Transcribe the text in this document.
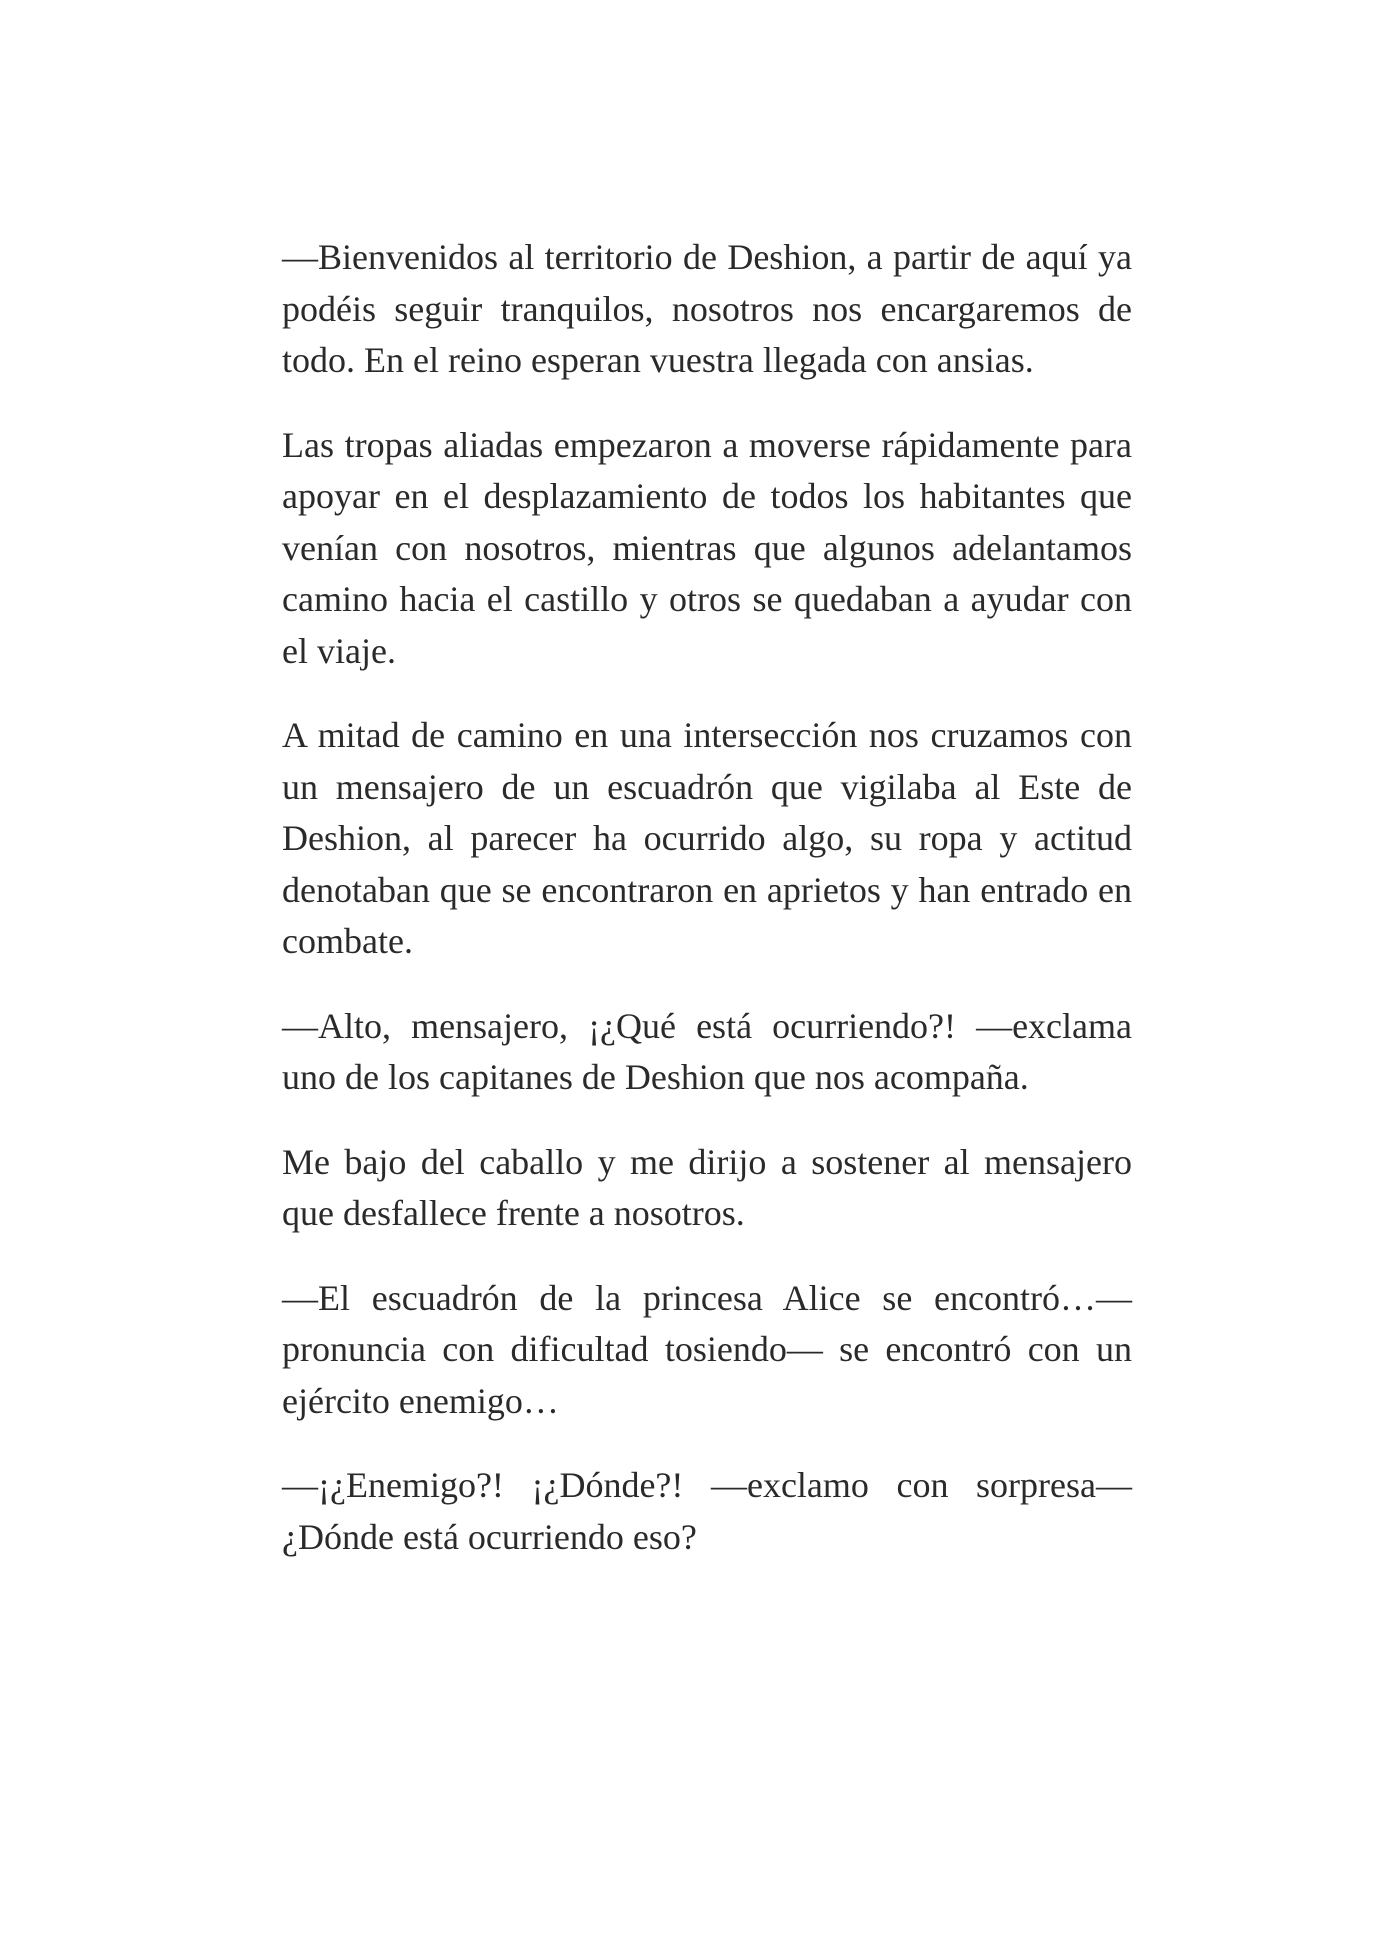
—Bienvenidos al territorio de Deshion, a partir de aquí ya podéis seguir tranquilos, nosotros nos encargaremos de todo. En el reino esperan vuestra llegada con ansias.

Las tropas aliadas empezaron a moverse rápidamente para apoyar en el desplazamiento de todos los habitantes que venían con nosotros, mientras que algunos adelantamos camino hacia el castillo y otros se quedaban a ayudar con el viaje.

A mitad de camino en una intersección nos cruzamos con un mensajero de un escuadrón que vigilaba al Este de Deshion, al parecer ha ocurrido algo, su ropa y actitud denotaban que se encontraron en aprietos y han entrado en combate.

—Alto, mensajero, ¡¿Qué está ocurriendo?! —exclama uno de los capitanes de Deshion que nos acompaña.

Me bajo del caballo y me dirijo a sostener al mensajero que desfallece frente a nosotros.

—El escuadrón de la princesa Alice se encontró…— pronuncia con dificultad tosiendo— se encontró con un ejército enemigo…

—¡¿Enemigo?! ¡¿Dónde?! —exclamo con sorpresa— ¿Dónde está ocurriendo eso?
